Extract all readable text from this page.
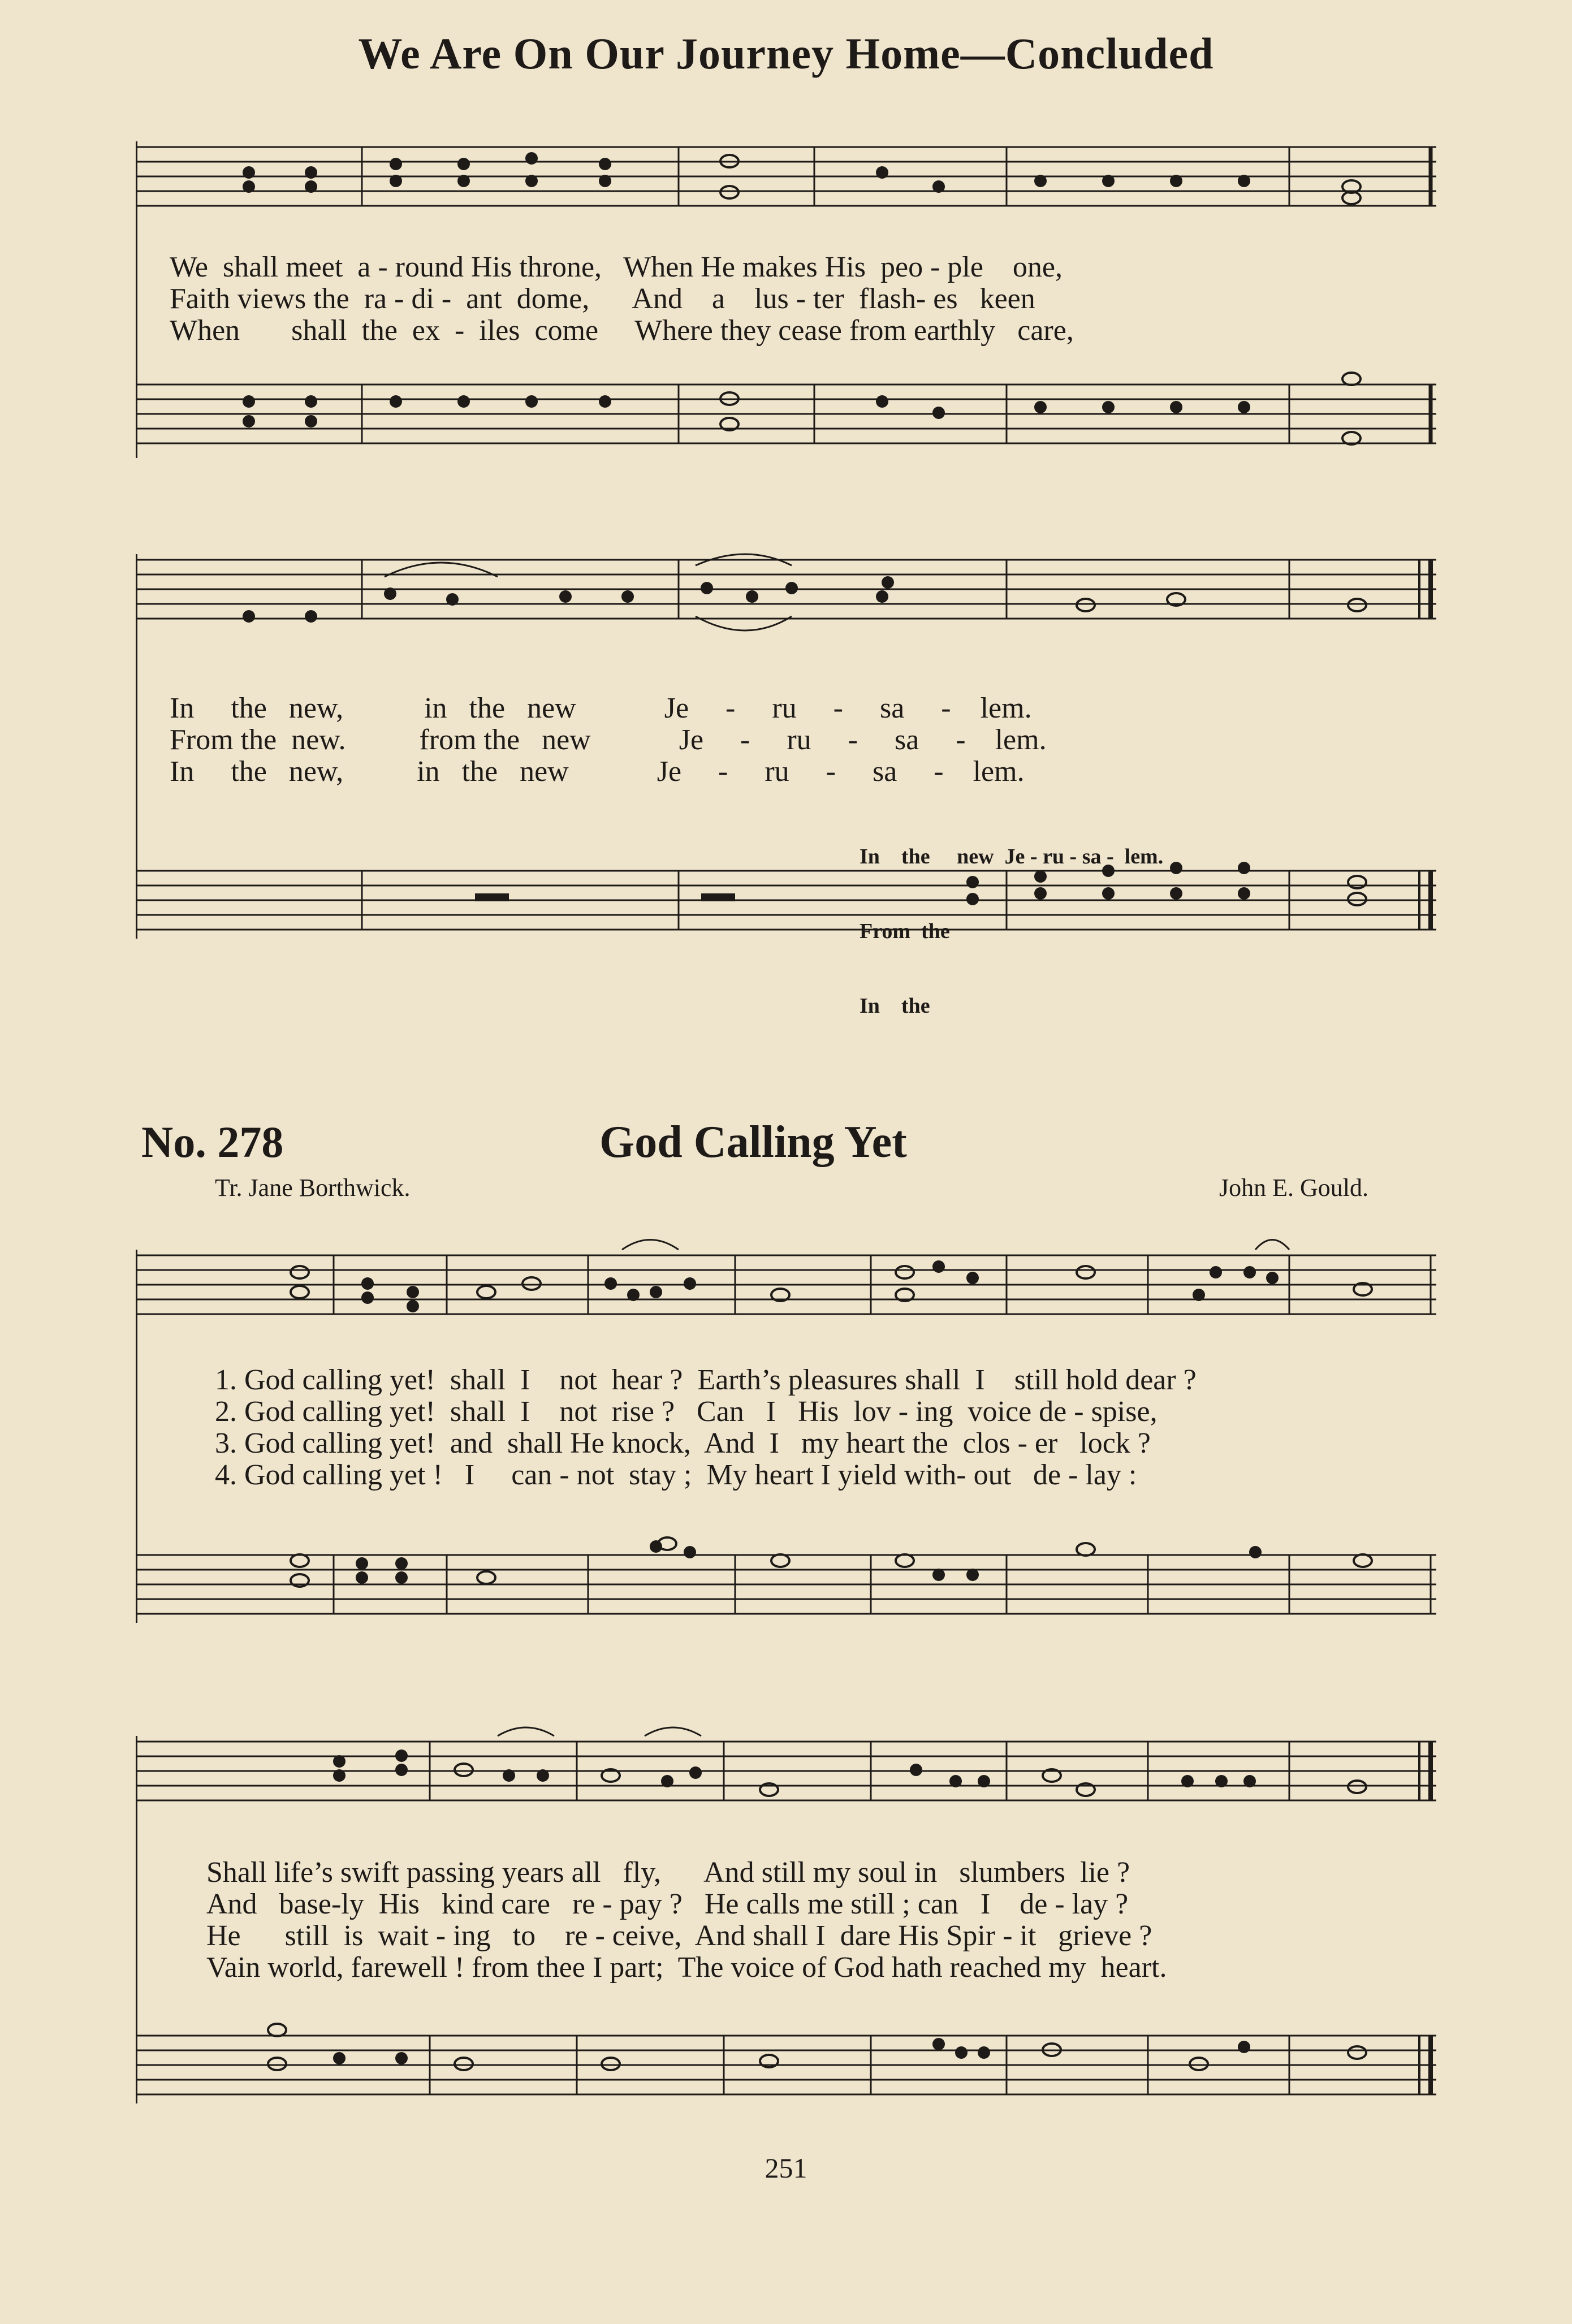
We Are On Our Journey Home—Concluded
We  shall meet  a - round His throne,   When He makes His  peo - ple    one,
Faith views the  ra - di -  ant  dome,      And    a    lus - ter  flash- es   keen
When       shall  the  ex  -  iles  come     Where they cease from earthly   care,
In     the   new,           in   the   new            Je     -     ru     -     sa     -    lem.
From the  new.          from the   new            Je     -     ru     -     sa     -    lem.
In     the   new,          in   the   new            Je     -     ru     -     sa     -    lem.

In    the     new  Je - ru - sa -  lem.

From  the

In    the

No. 278	God Calling Yet
Tr. Jane Borthwick.	John E. Gould.
1. God calling yet!  shall  I    not  hear ?  Earth’s pleasures shall  I    still hold dear ?
2. God calling yet!  shall  I    not  rise ?   Can   I   His  lov - ing  voice de - spise,
3. God calling yet!  and  shall He knock,  And  I   my heart the  clos - er   lock ?
4. God calling yet !   I     can - not  stay ;  My heart I yield with- out   de - lay :
Shall life’s swift passing years all   fly,      And still my soul in   slumbers  lie ?
And   base-ly  His   kind care   re - pay ?   He calls me still ; can   I    de - lay ?
He      still  is  wait - ing   to    re - ceive,  And shall I  dare His Spir - it   grieve ?
Vain world, farewell ! from thee I part;  The voice of God hath reached my  heart.
251
